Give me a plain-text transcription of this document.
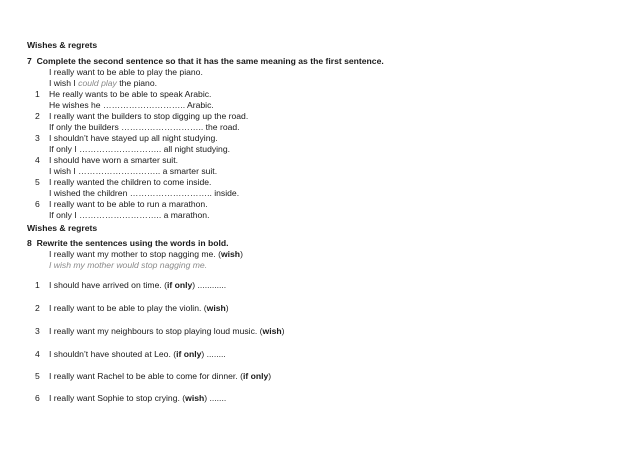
Wishes & regrets
7 Complete the second sentence so that it has the same meaning as the first sentence.
I really want to be able to play the piano.
I wish I could play the piano.
1 He really wants to be able to speak Arabic.
He wishes he ……………………….. Arabic.
2 I really want the builders to stop digging up the road.
If only the builders ……………………….. the road.
3 I shouldn’t have stayed up all night studying.
If only I ……………………….. all night studying.
4 I should have worn a smarter suit.
I wish I ……………………….. a smarter suit.
5 I really wanted the children to come inside.
I wished the children ……………………….. inside.
6 I really want to be able to run a marathon.
If only I ……………………….. a marathon.
Wishes & regrets
8 Rewrite the sentences using the words in bold.
I really want my mother to stop nagging me. (wish)
I wish my mother would stop nagging me.
1 I should have arrived on time. (if only) ............
2 I really want to be able to play the violin. (wish)
3 I really want my neighbours to stop playing loud music. (wish)
4 I shouldn’t have shouted at Leo. (if only) ........
5 I really want Rachel to be able to come for dinner. (if only)
6 I really want Sophie to stop crying. (wish) .......
